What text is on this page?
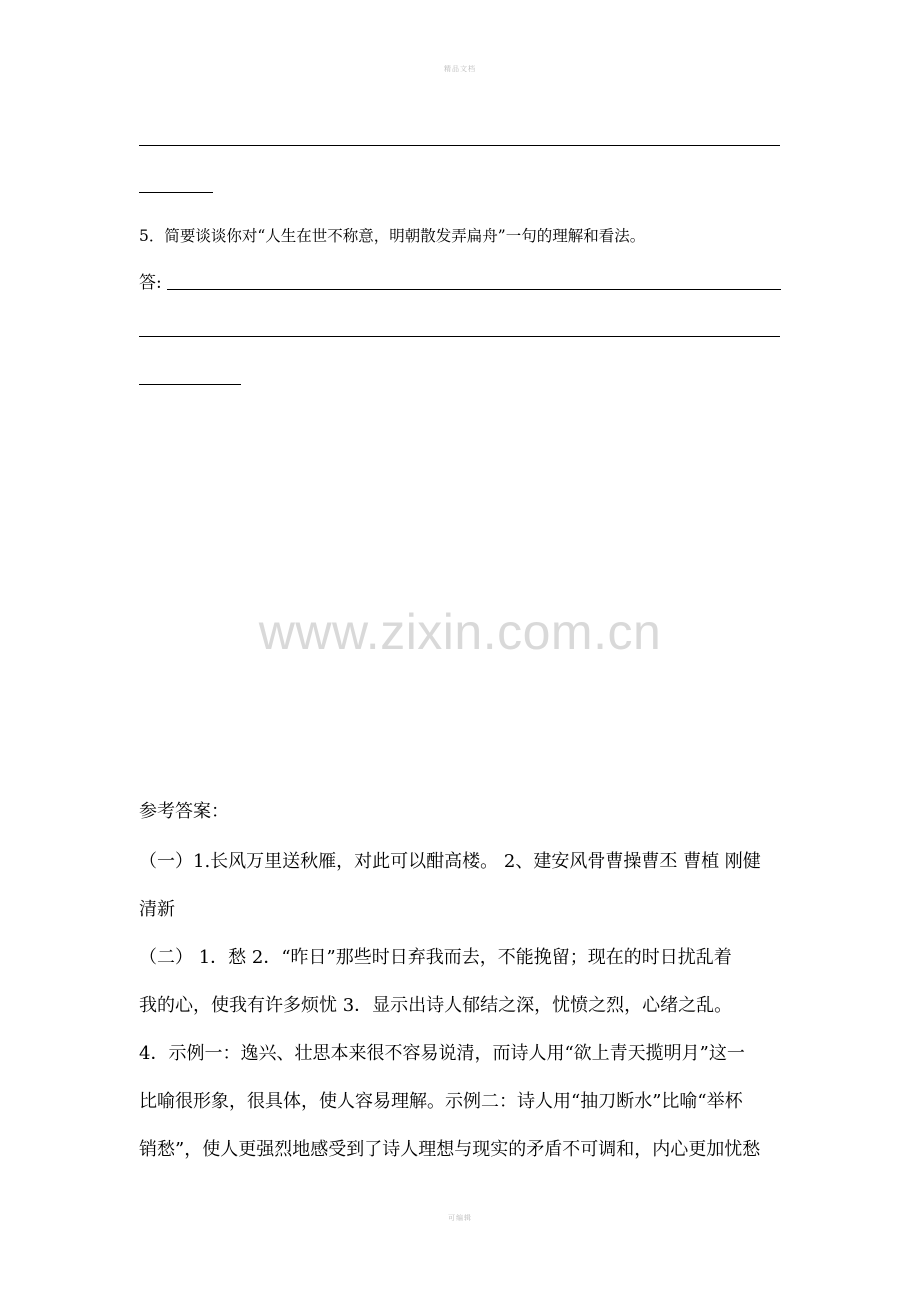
精品文档
5．简要谈谈你对“人生在世不称意，明朝散发弄扁舟”一句的理解和看法。
答:
www.zixin.com.cn
参考答案：
（一）1.长风万里送秋雁，对此可以酣高楼。 2、建安风骨曹操曹丕 曹植 刚健
清新
（二） 1．愁 2．“昨日”那些时日弃我而去，不能挽留；现在的时日扰乱着
我的心，使我有许多烦忧 3．显示出诗人郁结之深，忧愤之烈，心绪之乱。
4．示例一：逸兴、壮思本来很不容易说清，而诗人用“欲上青天揽明月”这一
比喻很形象，很具体，使人容易理解。示例二：诗人用“抽刀断水”比喻“举杯
销愁”，使人更强烈地感受到了诗人理想与现实的矛盾不可调和，内心更加忧愁
可编辑
